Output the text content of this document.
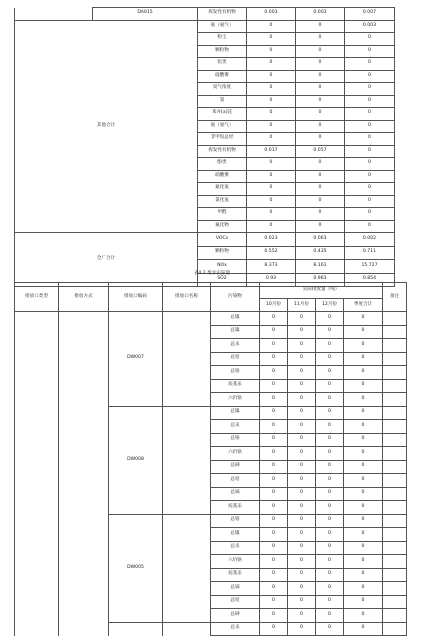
	DA015	挥发性有机物	0.003	0.003	0.007	
其他合计		氨（氨气）	0	0	0.003	
		粉尘	0	0	0	
		颗粒物	0	0	0	
		铅类	0	0	0	
		硫酸雾	0	0	0	
		臭气浓度	0	0	0	
		氯	0	0	0	
		苯并[a]芘	0	0	0	
		氨（氨气）	0	0	0	
		非甲烷总烃	0	0	0	
		挥发性有机物	0.017	0.057	0	
		酚类	0	0	0	
		硝酸雾	0	0	0	
		氮化氢	0	0	0	
		氯化氢	0	0	0	
		甲醛	0	0	0	
		氟化物	0	0	0	
全厂合计		VOCs	0.023	0.063	0.002	
		颗粒物	0.552	0.435	0.711	
		NOx	8.373	8.161	15.727	
		SO2	0.93	0.963	0.854	
表4.2 废水实际量
排放口类型	排放方式	排放口编码	排放口名称	污染物	实际排放量（吨）				备注
					10月份	11月份	12月份	季度合计	
		DW007		总镍	0	0	0	0	
				总镍	0	0	0	0	
				总汞	0	0	0	0	
				总铅	0	0	0	0	
				总铬	0	0	0	0	
				烷基汞	0	0	0	0	
				六价铬	0	0	0	0	
		DW008		总镍	0	0	0	0	
				总汞	0	0	0	0	
				总铬	0	0	0	0	
				六价铬	0	0	0	0	
				总砷	0	0	0	0	
				总铅	0	0	0	0	
				总镉	0	0	0	0	
				烷基汞	0	0	0	0	
		DW005		总铬	0	0	0	0	
				总镍	0	0	0	0	
				总汞	0	0	0	0	
				六价铬	0	0	0	0	
				烷基汞	0	0	0	0	
				总镉	0	0	0	0	
				总铅	0	0	0	0	
				总砷	0	0	0	0	
				总汞	0	0	0	0	
